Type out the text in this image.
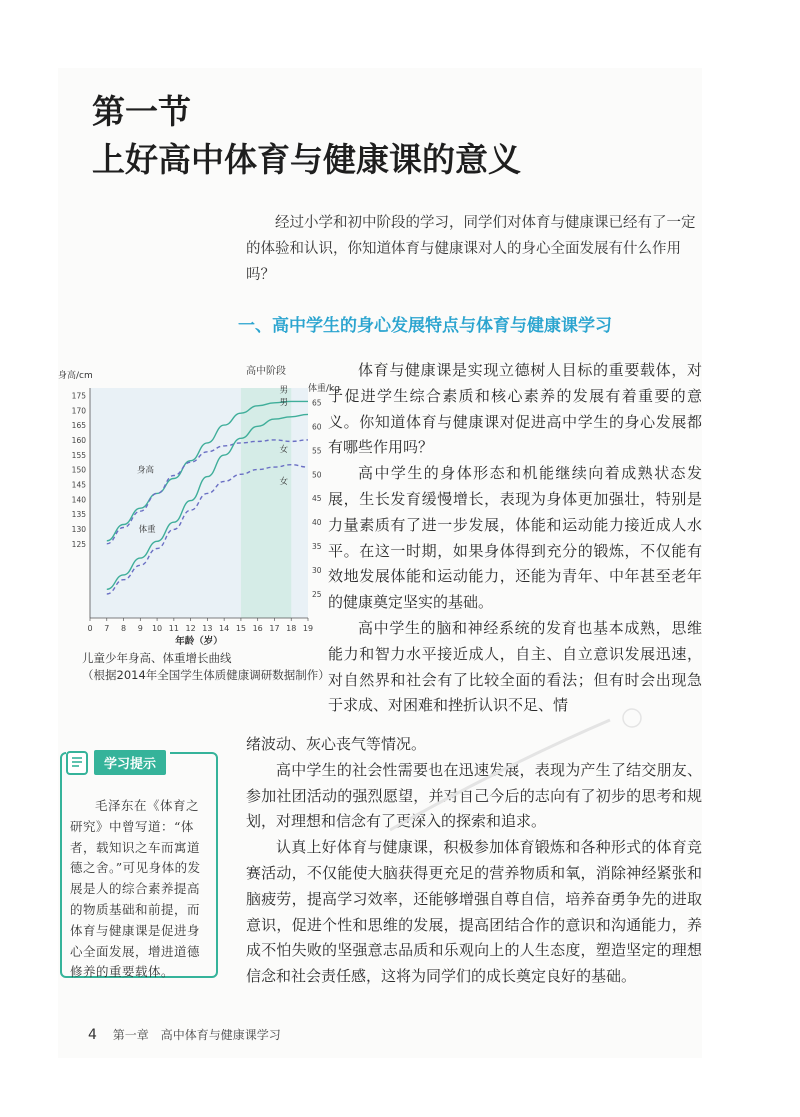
第一节
上好高中体育与健康课的意义

经过小学和初中阶段的学习，同学们对体育与健康课已经有了一定的体验和认识，你知道体育与健康课对人的身心全面发展有什么作用吗？

一、高中学生的身心发展特点与体育与健康课学习
高中阶段
125
130
135
140
145
150
155
160
165
170
175
身高/cm
25
30
35
40
45
50
55
60
65
体重/kg
0 7 8 9 10 11 12 13 14 15 16 17 18 19
年龄（岁）
身高
体重
男
女
男
女
儿童少年身高、体重增长曲线
（根据2014年全国学生体质健康调研数据制作）

体育与健康课是实现立德树人目标的重要载体，对于促进学生综合素质和核心素养的发展有着重要的意义。你知道体育与健康课对促进高中学生的身心发展都有哪些作用吗？

高中学生的身体形态和机能继续向着成熟状态发展，生长发育缓慢增长，表现为身体更加强壮，特别是力量素质有了进一步发展，体能和运动能力接近成人水平。在这一时期，如果身体得到充分的锻炼，不仅能有效地发展体能和运动能力，还能为青年、中年甚至老年的健康奠定坚实的基础。

高中学生的脑和神经系统的发育也基本成熟，思维能力和智力水平接近成人，自主、自立意识发展迅速，对自然界和社会有了比较全面的看法；但有时会出现急于求成、对困难和挫折认识不足、情

绪波动、灰心丧气等情况。

高中学生的社会性需要也在迅速发展，表现为产生了结交朋友、参加社团活动的强烈愿望，并对自己今后的志向有了初步的思考和规划，对理想和信念有了更深入的探索和追求。

认真上好体育与健康课，积极参加体育锻炼和各种形式的体育竞赛活动，不仅能使大脑获得更充足的营养物质和氧，消除神经紧张和脑疲劳，提高学习效率，还能够增强自尊自信，培养奋勇争先的进取意识，促进个性和思维的发展，提高团结合作的意识和沟通能力，养成不怕失败的坚强意志品质和乐观向上的人生态度，塑造坚定的理想信念和社会责任感，这将为同学们的成长奠定良好的基础。

学习提示

毛泽东在《体育之研究》中曾写道：“体者，载知识之车而寓道德之舍。”可见身体的发展是人的综合素养提高的物质基础和前提，而体育与健康课是促进身心全面发展，增进道德修养的重要载体。

4 第一章　高中体育与健康课学习
